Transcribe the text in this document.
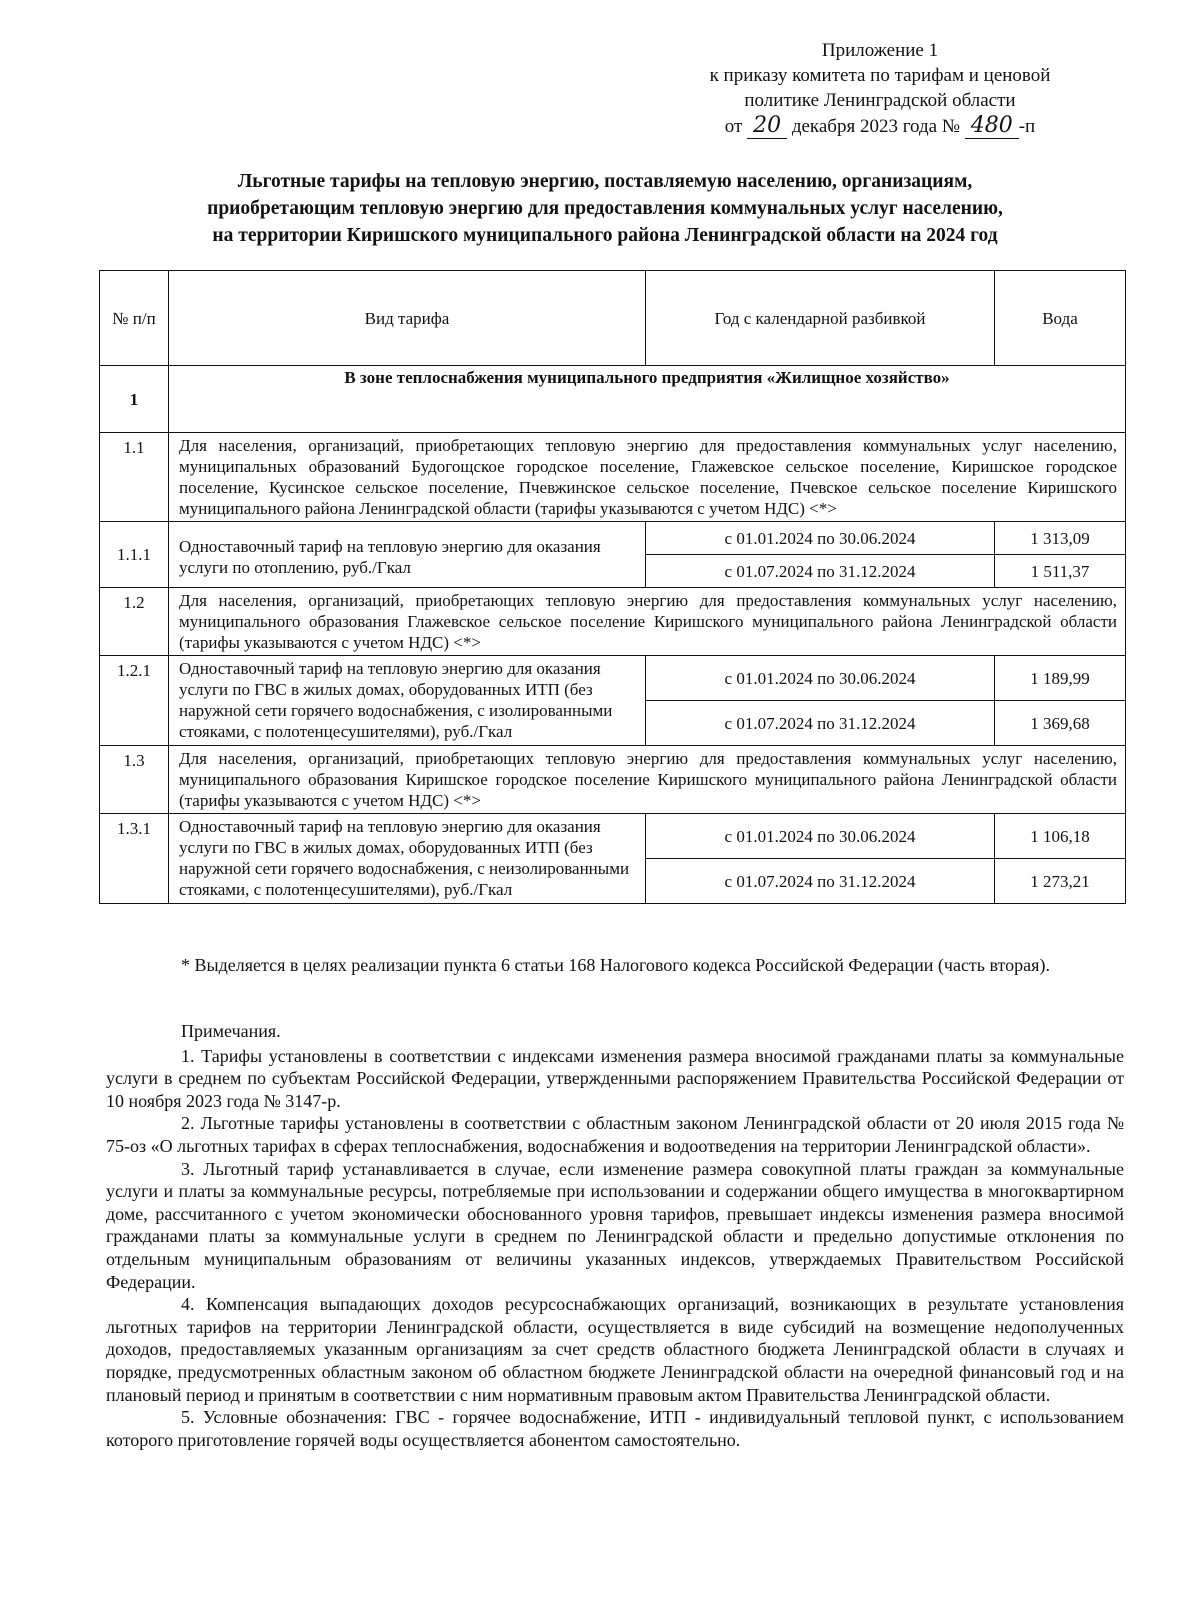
Приложение 1
к приказу комитета по тарифам и ценовой
политике Ленинградской области
от 20 декабря 2023 года № 480 -п
Льготные тарифы на тепловую энергию, поставляемую населению, организациям,
приобретающим тепловую энергию для предоставления коммунальных услуг населению,
на территории Киришского муниципального района Ленинградской области на 2024 год
№ п/п	Вид тарифа	Год с календарной разбивкой	Вода
1	В зоне теплоснабжения муниципального предприятия «Жилищное хозяйство»		
1.1	Для населения, организаций, приобретающих тепловую энергию для предоставления коммунальных услуг населению, муниципальных образований Будогощское городское поселение, Глажевское сельское поселение, Киришское городское поселение, Кусинское сельское поселение, Пчевжинское сельское поселение, Пчевское сельское поселение Киришского муниципального района Ленинградской области (тарифы указываются с учетом НДС) <*>		
1.1.1	Одноставочный тариф на тепловую энергию для оказания услуги по отоплению, руб./Гкал	с 01.01.2024 по 30.06.2024	1 313,09
		с 01.07.2024 по 31.12.2024	1 511,37
1.2	Для населения, организаций, приобретающих тепловую энергию для предоставления коммунальных услуг населению, муниципального образования Глажевское сельское поселение Киришского муниципального района Ленинградской области (тарифы указываются с учетом НДС) <*>		
1.2.1	Одноставочный тариф на тепловую энергию для оказания услуги по ГВС в жилых домах, оборудованных ИТП (без наружной сети горячего водоснабжения, с изолированными стояками, с полотенцесушителями), руб./Гкал	с 01.01.2024 по 30.06.2024	1 189,99
		с 01.07.2024 по 31.12.2024	1 369,68
1.3	Для населения, организаций, приобретающих тепловую энергию для предоставления коммунальных услуг населению, муниципального образования Киришское городское поселение Киришского муниципального района Ленинградской области (тарифы указываются с учетом НДС) <*>		
1.3.1	Одноставочный тариф на тепловую энергию для оказания услуги по ГВС в жилых домах, оборудованных ИТП (без наружной сети горячего водоснабжения, с неизолированными стояками, с полотенцесушителями), руб./Гкал	с 01.01.2024 по 30.06.2024	1 106,18
		с 01.07.2024 по 31.12.2024	1 273,21

* Выделяется в целях реализации пункта 6 статьи 168 Налогового кодекса Российской Федерации (часть вторая).

Примечания.

1. Тарифы установлены в соответствии с индексами изменения размера вносимой гражданами платы за коммунальные услуги в среднем по субъектам Российской Федерации, утвержденными распоряжением Правительства Российской Федерации от 10 ноября 2023 года № 3147-р.

2. Льготные тарифы установлены в соответствии с областным законом Ленинградской области от 20 июля 2015 года № 75-оз «О льготных тарифах в сферах теплоснабжения, водоснабжения и водоотведения на территории Ленинградской области».

3. Льготный тариф устанавливается в случае, если изменение размера совокупной платы граждан за коммунальные услуги и платы за коммунальные ресурсы, потребляемые при использовании и содержании общего имущества в многоквартирном доме, рассчитанного с учетом экономически обоснованного уровня тарифов, превышает индексы изменения размера вносимой гражданами платы за коммунальные услуги в среднем по Ленинградской области и предельно допустимые отклонения по отдельным муниципальным образованиям от величины указанных индексов, утверждаемых Правительством Российской Федерации.

4. Компенсация выпадающих доходов ресурсоснабжающих организаций, возникающих в результате установления льготных тарифов на территории Ленинградской области, осуществляется в виде субсидий на возмещение недополученных доходов, предоставляемых указанным организациям за счет средств областного бюджета Ленинградской области в случаях и порядке, предусмотренных областным законом об областном бюджете Ленинградской области на очередной финансовый год и на плановый период и принятым в соответствии с ним нормативным правовым актом Правительства Ленинградской области.

5. Условные обозначения: ГВС - горячее водоснабжение, ИТП - индивидуальный тепловой пункт, с использованием которого приготовление горячей воды осуществляется абонентом самостоятельно.
